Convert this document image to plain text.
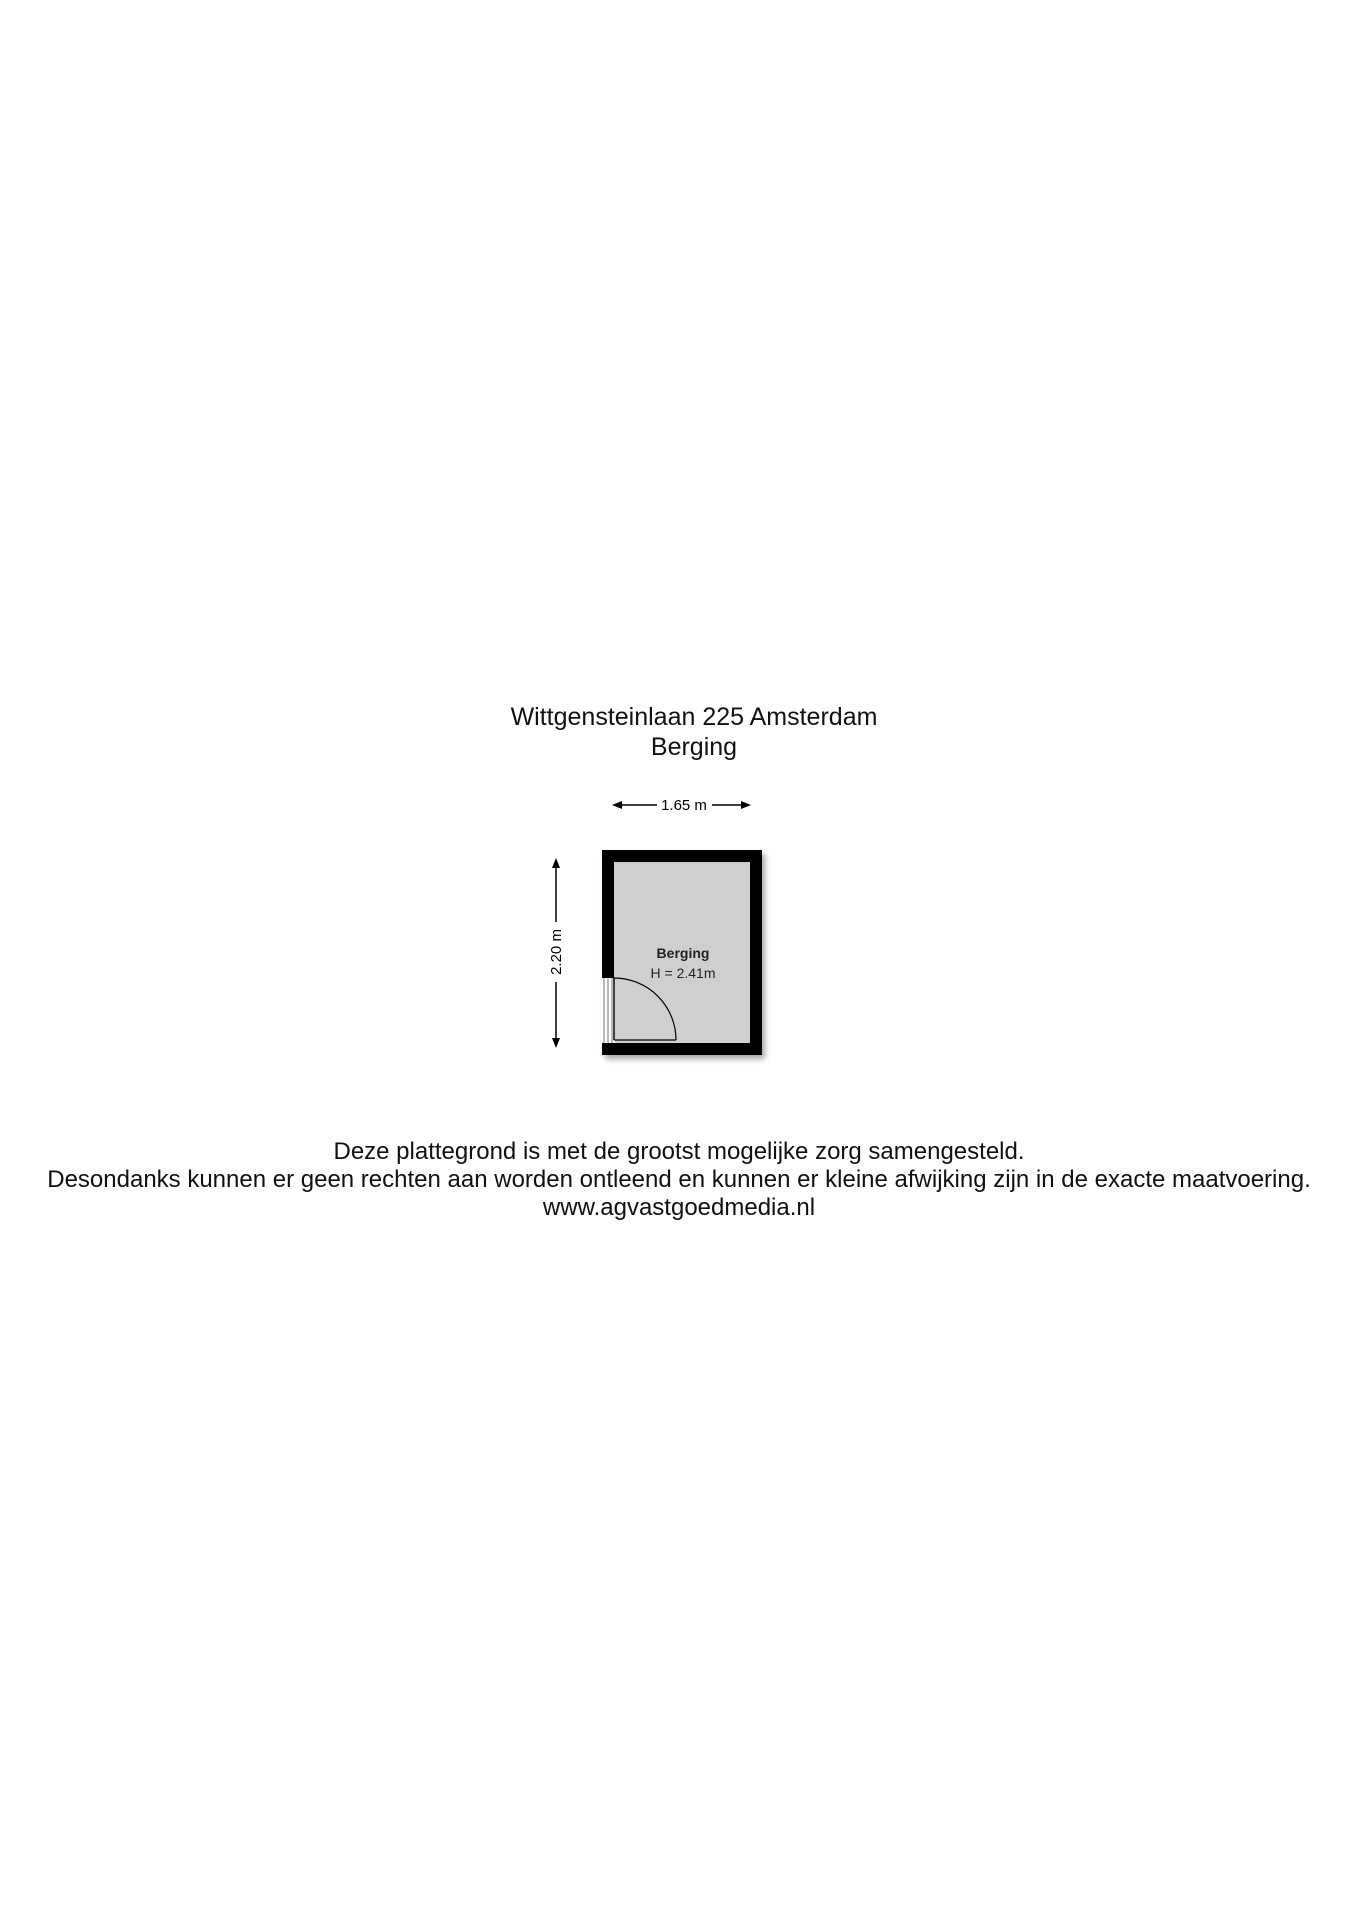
Wittgensteinlaan 225 Amsterdam
Berging
1.65 m
2.20 m	Berging
H = 2.41m
Deze plattegrond is met de grootst mogelijke zorg samengesteld.
Desondanks kunnen er geen rechten aan worden ontleend en kunnen er kleine afwijking zijn in de exacte maatvoering.
www.agvastgoedmedia.nl
